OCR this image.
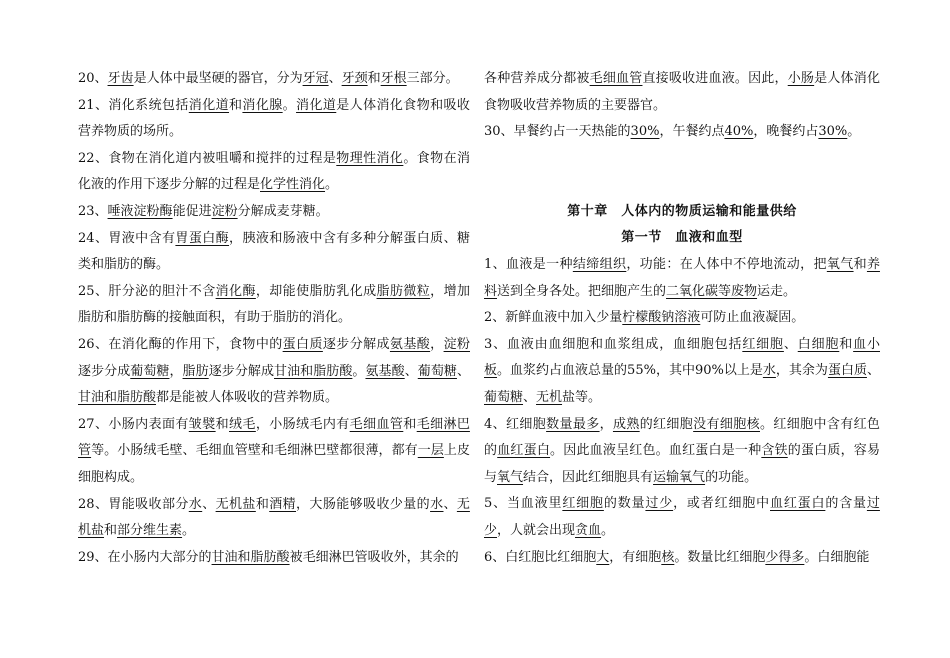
20、牙齿是人体中最坚硬的器官，分为牙冠、牙颈和牙根三部分。

21、消化系统包括消化道和消化腺。消化道是人体消化食物和吸收营养物质的场所。

22、食物在消化道内被咀嚼和搅拌的过程是物理性消化。食物在消化液的作用下逐步分解的过程是化学性消化。

23、唾液淀粉酶能促进淀粉分解成麦芽糖。

24、胃液中含有胃蛋白酶，胰液和肠液中含有多种分解蛋白质、糖类和脂肪的酶。

25、肝分泌的胆汁不含消化酶，却能使脂肪乳化成脂肪微粒，增加脂肪和脂肪酶的接触面积，有助于脂肪的消化。

26、在消化酶的作用下，食物中的蛋白质逐步分解成氨基酸，淀粉逐步分成葡萄糖，脂肪逐步分解成甘油和脂肪酸。氨基酸、葡萄糖、甘油和脂肪酸都是能被人体吸收的营养物质。

27、小肠内表面有皱襞和绒毛，小肠绒毛内有毛细血管和毛细淋巴管等。小肠绒毛壁、毛细血管壁和毛细淋巴壁都很薄，都有一层上皮细胞构成。

28、胃能吸收部分水、无机盐和酒精，大肠能够吸收少量的水、无机盐和部分维生素。

29、在小肠内大部分的甘油和脂肪酸被毛细淋巴管吸收外，其余的

各种营养成分都被毛细血管直接吸收进血液。因此，小肠是人体消化食物吸收营养物质的主要器官。

30、早餐约占一天热能的30%，午餐约点40%，晚餐约占30%。

第十章　人体内的物质运输和能量供给

第一节　血液和血型

1、血液是一种结缔组织，功能：在人体中不停地流动，把氧气和养料送到全身各处。把细胞产生的二氧化碳等废物运走。

2、新鲜血液中加入少量柠檬酸钠溶液可防止血液凝固。

3、血液由血细胞和血浆组成，血细胞包括红细胞、白细胞和血小板。血浆约占血液总量的55%，其中90%以上是水，其余为蛋白质、葡萄糖、无机盐等。

4、红细胞数量最多，成熟的红细胞没有细胞核。红细胞中含有红色的血红蛋白。因此血液呈红色。血红蛋白是一种含铁的蛋白质，容易与氧气结合，因此红细胞具有运输氧气的功能。

5、当血液里红细胞的数量过少，或者红细胞中血红蛋白的含量过少，人就会出现贪血。

6、白红胞比红细胞大，有细胞核。数量比红细胞少得多。白细胞能
